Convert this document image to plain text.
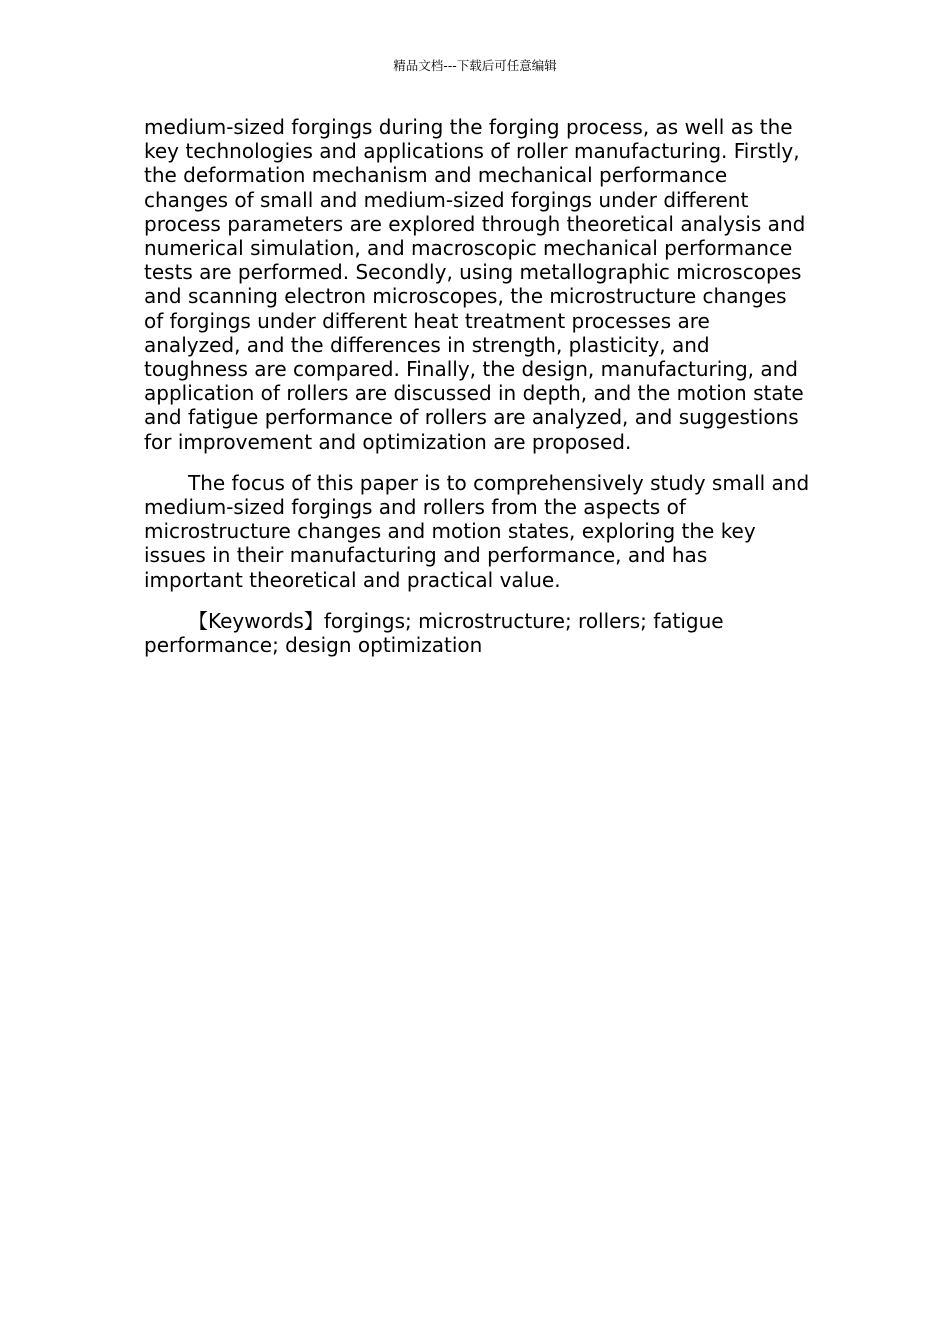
精品文档---下载后可任意编辑

medium-sized forgings during the forging process, as well as the key technologies and applications of roller manufacturing. Firstly, the deformation mechanism and mechanical performance changes of small and medium-sized forgings under different process parameters are explored through theoretical analysis and numerical simulation, and macroscopic mechanical performance tests are performed. Secondly, using metallographic microscopes and scanning electron microscopes, the microstructure changes of forgings under different heat treatment processes are analyzed, and the differences in strength, plasticity, and toughness are compared. Finally, the design, manufacturing, and application of rollers are discussed in depth, and the motion state and fatigue performance of rollers are analyzed, and suggestions for improvement and optimization are proposed.

The focus of this paper is to comprehensively study small and medium-sized forgings and rollers from the aspects of microstructure changes and motion states, exploring the key issues in their manufacturing and performance, and has important theoretical and practical value.

【Keywords】forgings; microstructure; rollers; fatigue performance; design optimization
